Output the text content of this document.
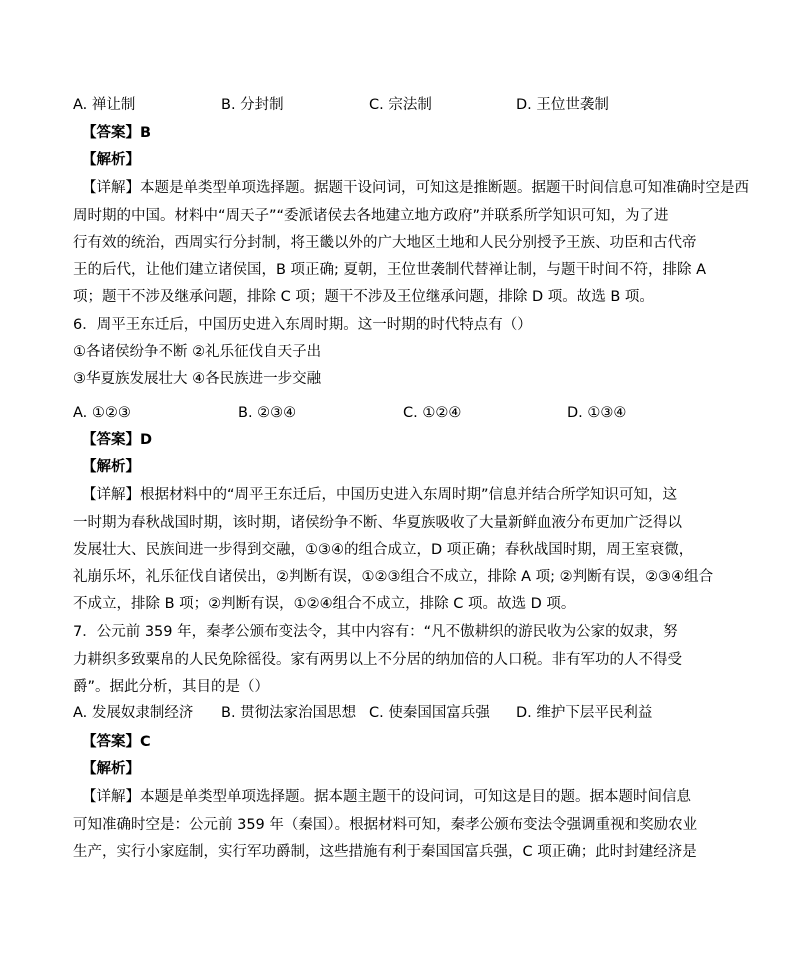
A. 禅让制	B. 分封制	C. 宗法制	D. 王位世袭制
【答案】B
【解析】
【详解】本题是单类型单项选择题。据题干设问词，可知这是推断题。据题干时间信息可知准确时空是西
周时期的中国。材料中“周天子”“委派诸侯去各地建立地方政府”并联系所学知识可知，为了进
行有效的统治，西周实行分封制，将王畿以外的广大地区土地和人民分别授予王族、功臣和古代帝
王的后代，让他们建立诸侯国，B 项正确; 夏朝，王位世袭制代替禅让制，与题干时间不符，排除 A
项；题干不涉及继承问题，排除 C 项；题干不涉及王位继承问题，排除 D 项。故选 B 项。
6．周平王东迁后，中国历史进入东周时期。这一时期的时代特点有（）
①各诸侯纷争不断 ②礼乐征伐自天子出
③华夏族发展壮大 ④各民族进一步交融
A. ①②③	B. ②③④	C. ①②④	D. ①③④
【答案】D
【解析】
【详解】根据材料中的“周平王东迁后，中国历史进入东周时期”信息并结合所学知识可知，这
一时期为春秋战国时期，该时期，诸侯纷争不断、华夏族吸收了大量新鲜血液分布更加广泛得以
发展壮大、民族间进一步得到交融，①③④的组合成立，D 项正确；春秋战国时期，周王室衰微，
礼崩乐坏，礼乐征伐自诸侯出，②判断有误，①②③组合不成立，排除 A 项; ②判断有误，②③④组合
不成立，排除 B 项；②判断有误，①②④组合不成立，排除 C 项。故选 D 项。
7．公元前 359 年，秦孝公颁布变法令，其中内容有：“凡不傲耕织的游民收为公家的奴隶，努
力耕织多致粟帛的人民免除徭役。家有两男以上不分居的纳加倍的人口税。非有军功的人不得受
爵”。据此分析，其目的是（）
A. 发展奴隶制经济 B. 贯彻法家治国思想 C. 使秦国国富兵强 D. 维护下层平民利益
【答案】C
【解析】
【详解】本题是单类型单项选择题。据本题主题干的设问词，可知这是目的题。据本题时间信息
可知准确时空是：公元前 359 年（秦国）。根据材料可知，秦孝公颁布变法令强调重视和奖励农业
生产，实行小家庭制，实行军功爵制，这些措施有利于秦国国富兵强，C 项正确；此时封建经济是
